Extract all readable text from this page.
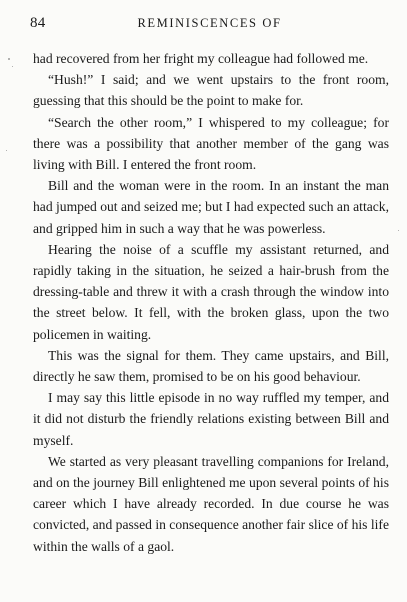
84	REMINISCENCES OF

had recovered from her fright my colleague had followed me.

“Hush!” I said; and we went upstairs to the front room, guessing that this should be the point to make for.

“Search the other room,” I whispered to my colleague; for there was a possibility that another member of the gang was living with Bill. I entered the front room.

Bill and the woman were in the room. In an instant the man had jumped out and seized me; but I had expected such an attack, and gripped him in such a way that he was powerless.

Hearing the noise of a scuffle my assistant returned, and rapidly taking in the situation, he seized a hair-brush from the dressing-table and threw it with a crash through the window into the street below. It fell, with the broken glass, upon the two policemen in waiting.

This was the signal for them. They came upstairs, and Bill, directly he saw them, promised to be on his good behaviour.

I may say this little episode in no way ruffled my temper, and it did not disturb the friendly relations existing between Bill and myself.

We started as very pleasant travelling companions for Ireland, and on the journey Bill enlightened me upon several points of his career which I have already recorded. In due course he was convicted, and passed in consequence another fair slice of his life within the walls of a gaol.
